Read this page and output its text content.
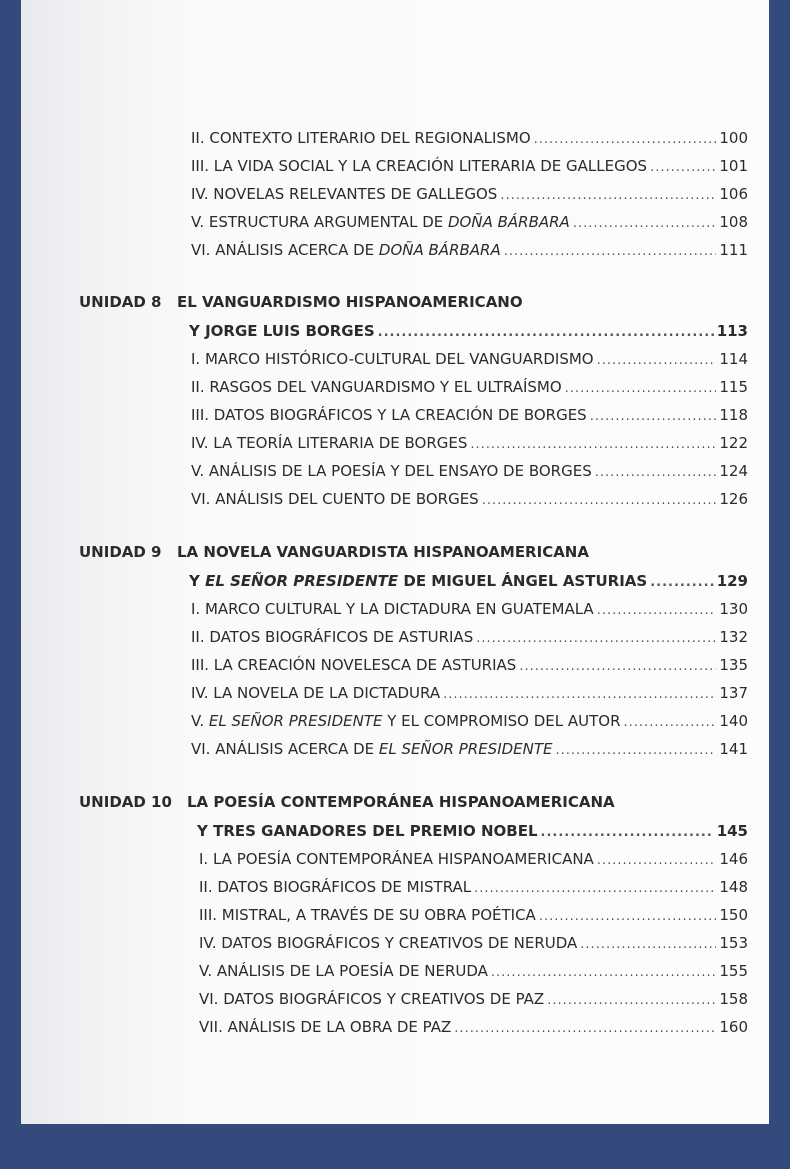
II. CONTEXTO LITERARIO DEL REGIONALISMO .....	100
III. LA VIDA SOCIAL Y LA CREACIÓN LITERARIA DE GALLEGOS .....	101
IV. NOVELAS RELEVANTES DE GALLEGOS .....	106
V. ESTRUCTURA ARGUMENTAL DE DOÑA BÁRBARA .....	108
VI. ANÁLISIS ACERCA DE DOÑA BÁRBARA .....	111
UNIDAD 8	EL VANGUARDISMO HISPANOAMERICANO
Y JORGE LUIS BORGES .....	113
I. MARCO HISTÓRICO-CULTURAL DEL VANGUARDISMO .....	114
II. RASGOS DEL VANGUARDISMO Y EL ULTRAÍSMO .....	115
III. DATOS BIOGRÁFICOS Y LA CREACIÓN DE BORGES .....	118
IV. LA TEORÍA LITERARIA DE BORGES .....	122
V. ANÁLISIS DE LA POESÍA Y DEL ENSAYO DE BORGES .....	124
VI. ANÁLISIS DEL CUENTO DE BORGES .....	126
UNIDAD 9	LA NOVELA VANGUARDISTA HISPANOAMERICANA
Y EL SEÑOR PRESIDENTE DE MIGUEL ÁNGEL ASTURIAS .....	129
I. MARCO CULTURAL Y LA DICTADURA EN GUATEMALA .....	130
II. DATOS BIOGRÁFICOS DE ASTURIAS .....	132
III. LA CREACIÓN NOVELESCA DE ASTURIAS .....	135
IV. LA NOVELA DE LA DICTADURA .....	137
V. EL SEÑOR PRESIDENTE Y EL COMPROMISO DEL AUTOR .....	140
VI. ANÁLISIS ACERCA DE EL SEÑOR PRESIDENTE .....	141
UNIDAD 10	LA POESÍA CONTEMPORÁNEA HISPANOAMERICANA
Y TRES GANADORES DEL PREMIO NOBEL .....	145
I. LA POESÍA CONTEMPORÁNEA HISPANOAMERICANA .....	146
II. DATOS BIOGRÁFICOS DE MISTRAL .....	148
III. MISTRAL, A TRAVÉS DE SU OBRA POÉTICA .....	150
IV. DATOS BIOGRÁFICOS Y CREATIVOS DE NERUDA .....	153
V. ANÁLISIS DE LA POESÍA DE NERUDA .....	155
VI. DATOS BIOGRÁFICOS Y CREATIVOS DE PAZ .....	158
VII. ANÁLISIS DE LA OBRA DE PAZ .....	160
